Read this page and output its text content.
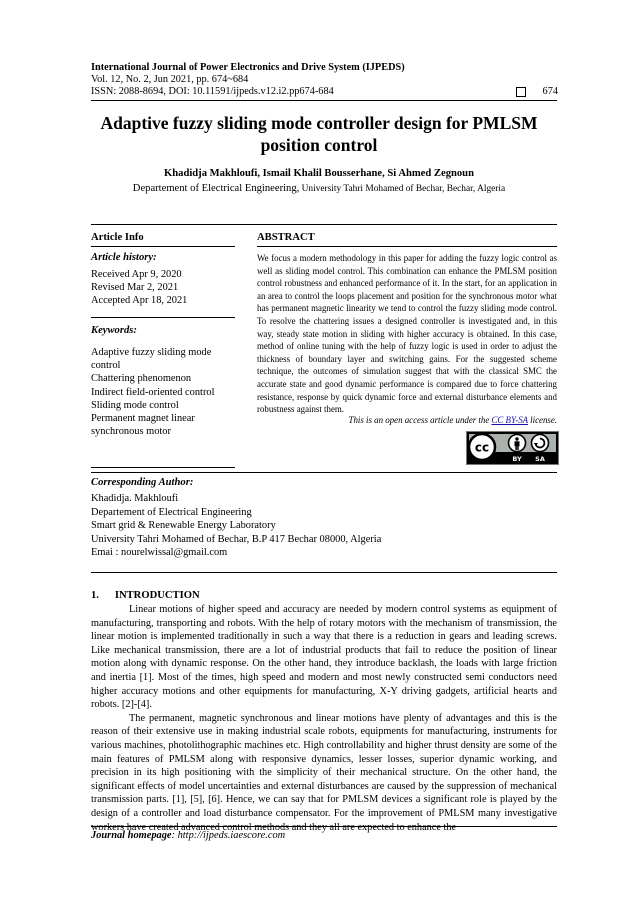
International Journal of Power Electronics and Drive System (IJPEDS)
Vol. 12, No. 2, Jun 2021, pp. 674~684
ISSN: 2088-8694, DOI: 10.11591/ijpeds.v12.i2.pp674-684	674
Adaptive fuzzy sliding mode controller design for PMLSM
position control
Khadidja Makhloufi, Ismail Khalil Bousserhane, Si Ahmed Zegnoun
Departement of Electrical Engineering, University Tahri Mohamed of Bechar, Bechar, Algeria
Article Info	ABSTRACT
Article history:
Received Apr 9, 2020
Revised Mar 2, 2021
Accepted Apr 18, 2021
Keywords:
Adaptive fuzzy sliding mode control
Chattering phenomenon
Indirect field-oriented control
Sliding mode control
Permanent magnet linear synchronous motor
We focus a modern methodology in this paper for adding the fuzzy logic control as well as sliding model control. This combination can enhance the PMLSM position control robustness and enhanced performance of it. In the start, for an application in an area to control the loops placement and position for the synchronous motor what has permanent magnetic linearity we tend to control the fuzzy sliding mode control. To resolve the chattering issues a designed controller is investigated and, in this way, steady state motion in sliding with higher accuracy is obtained. In this case, method of online tuning with the help of fuzzy logic is used in order to adjust the thickness of boundary layer and switching gains. For the suggested scheme technique, the outcomes of simulation suggest that with the classical SMC the accurate state and good dynamic performance is compared due to force chattering resistance, response by quick dynamic force and external disturbance elements and robustness against them.
This is an open access article under the CC BY-SA license.
cc
BY SA
Corresponding Author:
Khadidja. Makhloufi
Departement of Electrical Engineering
Smart grid & Renewable Energy Laboratory
University Tahri Mohamed of Bechar, B.P 417 Bechar 08000, Algeria
Emai : nourelwissal@gmail.com
1.      INTRODUCTION

Linear motions of higher speed and accuracy are needed by modern control systems as equipment of manufacturing, transporting and robots. With the help of rotary motors with the mechanism of transmission, the linear motion is implemented traditionally in such a way that there is a reduction in gears and leading screws. Like mechanical transmission, there are a lot of industrial products that fail to reduce the position of linear motion along with dynamic response. On the other hand, they introduce backlash, the loads with large friction and inertia [1]. Most of the times, high speed and modern and most newly constructed semi conductors need higher accuracy motions and other equipments for manufacturing, X-Y driving gadgets, artificial hearts and robots. [2]-[4].

The permanent, magnetic synchronous and linear motions have plenty of advantages and this is the reason of their extensive use in making industrial scale robots, equipments for manufacturing, instruments for various machines, photolithographic machines etc. High controllability and higher thrust density are some of the main features of PMLSM along with responsive dynamics, lesser losses, superior dynamic working, and precision in its high positioning with the simplicity of their mechanical structure. On the other hand, the significant effects of model uncertainties and external disturbances are caused by the suppression of mechanical transmission parts. [1], [5], [6]. Hence, we can say that for PMLSM devices a significant role is played by the design of a controller and load disturbance compensator. For the improvement of PMLSM many investigative workers have created advanced control methods and they all are expected to enhance the

Journal homepage: http://ijpeds.iaescore.com
